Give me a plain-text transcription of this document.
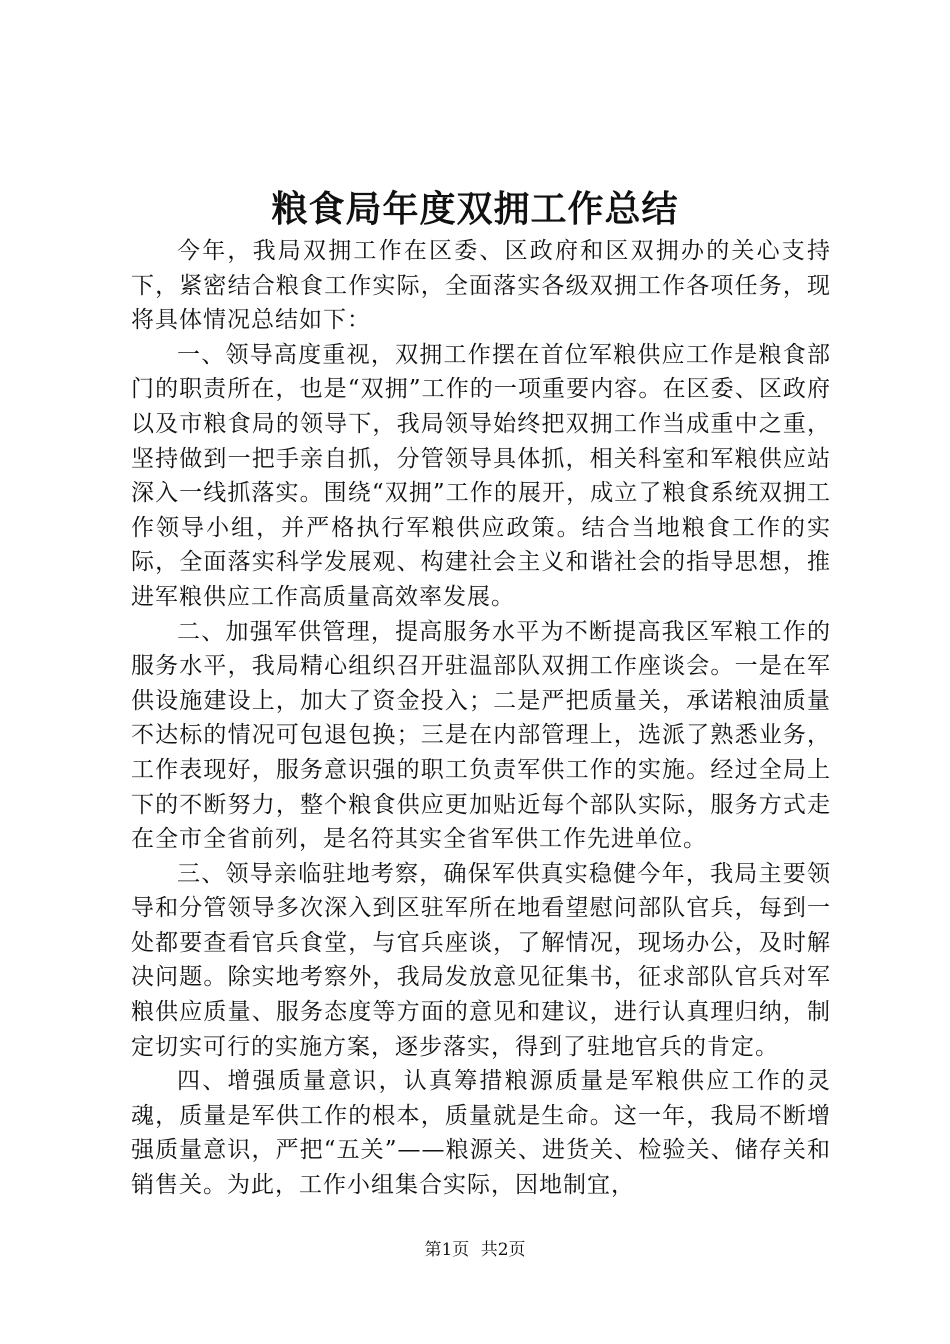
粮食局年度双拥工作总结

今年，我局双拥工作在区委、区政府和区双拥办的关心支持下，紧密结合粮食工作实际，全面落实各级双拥工作各项任务，现将具体情况总结如下：

一、领导高度重视，双拥工作摆在首位军粮供应工作是粮食部门的职责所在，也是“双拥”工作的一项重要内容。在区委、区政府以及市粮食局的领导下，我局领导始终把双拥工作当成重中之重，坚持做到一把手亲自抓，分管领导具体抓，相关科室和军粮供应站深入一线抓落实。围绕“双拥”工作的展开，成立了粮食系统双拥工作领导小组，并严格执行军粮供应政策。结合当地粮食工作的实际，全面落实科学发展观、构建社会主义和谐社会的指导思想，推进军粮供应工作高质量高效率发展。

二、加强军供管理，提高服务水平为不断提高我区军粮工作的服务水平，我局精心组织召开驻温部队双拥工作座谈会。一是在军供设施建设上，加大了资金投入；二是严把质量关，承诺粮油质量不达标的情况可包退包换；三是在内部管理上，选派了熟悉业务，工作表现好，服务意识强的职工负责军供工作的实施。经过全局上下的不断努力，整个粮食供应更加贴近每个部队实际，服务方式走在全市全省前列，是名符其实全省军供工作先进单位。

三、领导亲临驻地考察，确保军供真实稳健今年，我局主要领导和分管领导多次深入到区驻军所在地看望慰问部队官兵，每到一处都要查看官兵食堂，与官兵座谈，了解情况，现场办公，及时解决问题。除实地考察外，我局发放意见征集书，征求部队官兵对军粮供应质量、服务态度等方面的意见和建议，进行认真理归纳，制定切实可行的实施方案，逐步落实，得到了驻地官兵的肯定。

四、增强质量意识，认真筹措粮源质量是军粮供应工作的灵魂，质量是军供工作的根本，质量就是生命。这一年，我局不断增强质量意识，严把“五关”——粮源关、进货关、检验关、储存关和销售关。为此，工作小组集合实际，因地制宜，

第1页 共2页
